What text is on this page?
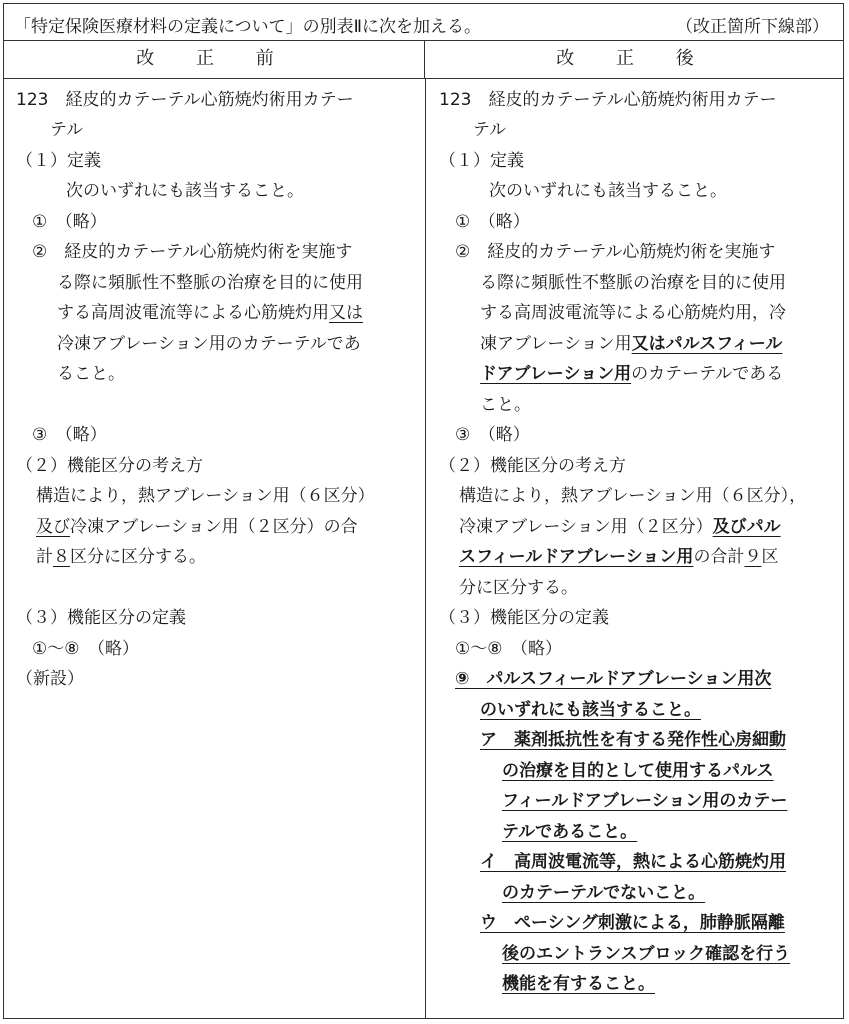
「特定保険医療材料の定義について」の別表Ⅱに次を加える。	（改正箇所下線部）
改 正 前	改 正 後
123　経皮的カテーテル心筋焼灼術用カテー
テル
（１）定義
次のいずれにも該当すること。
①　（略）
②　経皮的カテーテル心筋焼灼術を実施す
る際に頻脈性不整脈の治療を目的に使用
する高周波電流等による心筋焼灼用又は
冷凍アブレーション用のカテーテルであ
ること。
③　（略）
（２）機能区分の考え方
構造により，熱アブレーション用（６区分）
及び冷凍アブレーション用（２区分）の合
計８区分に区分する。
（３）機能区分の定義
①～⑧　（略）
（新設）
123　経皮的カテーテル心筋焼灼術用カテー
テル
（１）定義
次のいずれにも該当すること。
①　（略）
②　経皮的カテーテル心筋焼灼術を実施す
る際に頻脈性不整脈の治療を目的に使用
する高周波電流等による心筋焼灼用，冷
凍アブレーション用又はパルスフィール
ドアブレーション用のカテーテルである
こと。
③　（略）
（２）機能区分の考え方
構造により，熱アブレーション用（６区分），
冷凍アブレーション用（２区分）及びパル
スフィールドアブレーション用の合計９区
分に区分する。
（３）機能区分の定義
①～⑧　（略）
⑨　パルスフィールドアブレーション用次
のいずれにも該当すること。
ア　薬剤抵抗性を有する発作性心房細動
の治療を目的として使用するパルス
フィールドアブレーション用のカテー
テルであること。
イ　高周波電流等，熱による心筋焼灼用
のカテーテルでないこと。
ウ　ペーシング刺激による，肺静脈隔離
後のエントランスブロック確認を行う
機能を有すること。
